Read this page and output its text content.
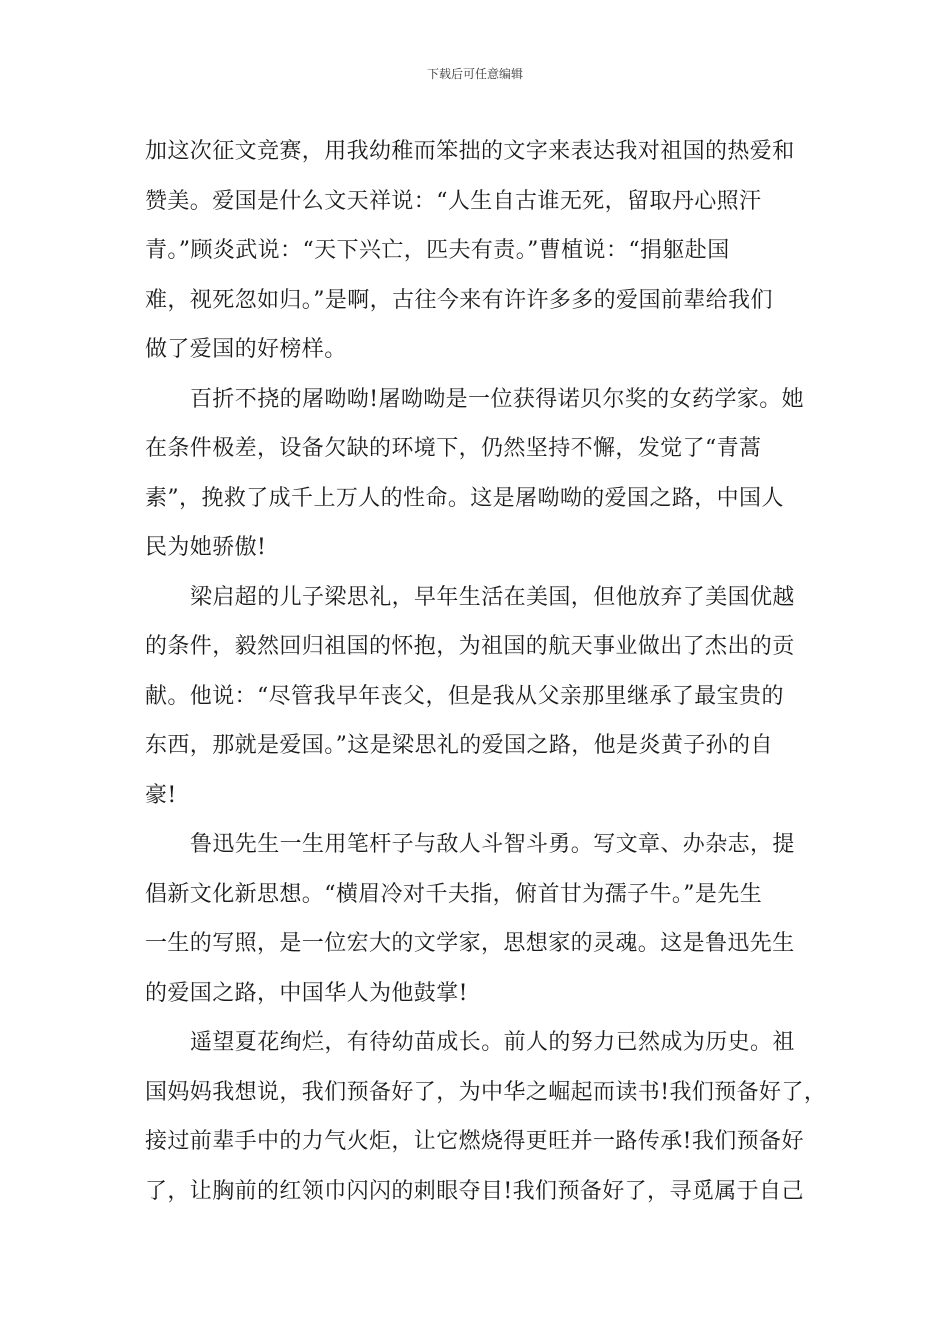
下载后可任意编辑
加这次征文竞赛，用我幼稚而笨拙的文字来表达我对祖国的热爱和
赞美。爱国是什么文天祥说：“人生自古谁无死，留取丹心照汗
青。”顾炎武说：“天下兴亡，匹夫有责。”曹植说：“捐躯赴国
难，视死忽如归。”是啊，古往今来有许许多多的爱国前辈给我们
做了爱国的好榜样。
百折不挠的屠呦呦!屠呦呦是一位获得诺贝尔奖的女药学家。她
在条件极差，设备欠缺的环境下，仍然坚持不懈，发觉了“青蒿
素”，挽救了成千上万人的性命。这是屠呦呦的爱国之路，中国人
民为她骄傲!
梁启超的儿子梁思礼，早年生活在美国，但他放弃了美国优越
的条件，毅然回归祖国的怀抱，为祖国的航天事业做出了杰出的贡
献。他说：“尽管我早年丧父，但是我从父亲那里继承了最宝贵的
东西，那就是爱国。”这是梁思礼的爱国之路，他是炎黄子孙的自
豪!
鲁迅先生一生用笔杆子与敌人斗智斗勇。写文章、办杂志，提
倡新文化新思想。“横眉冷对千夫指，俯首甘为孺子牛。”是先生
一生的写照，是一位宏大的文学家，思想家的灵魂。这是鲁迅先生
的爱国之路，中国华人为他鼓掌!
遥望夏花绚烂，有待幼苗成长。前人的努力已然成为历史。祖
国妈妈我想说，我们预备好了，为中华之崛起而读书!我们预备好了，
接过前辈手中的力气火炬，让它燃烧得更旺并一路传承!我们预备好
了，让胸前的红领巾闪闪的刺眼夺目!我们预备好了，寻觅属于自己
